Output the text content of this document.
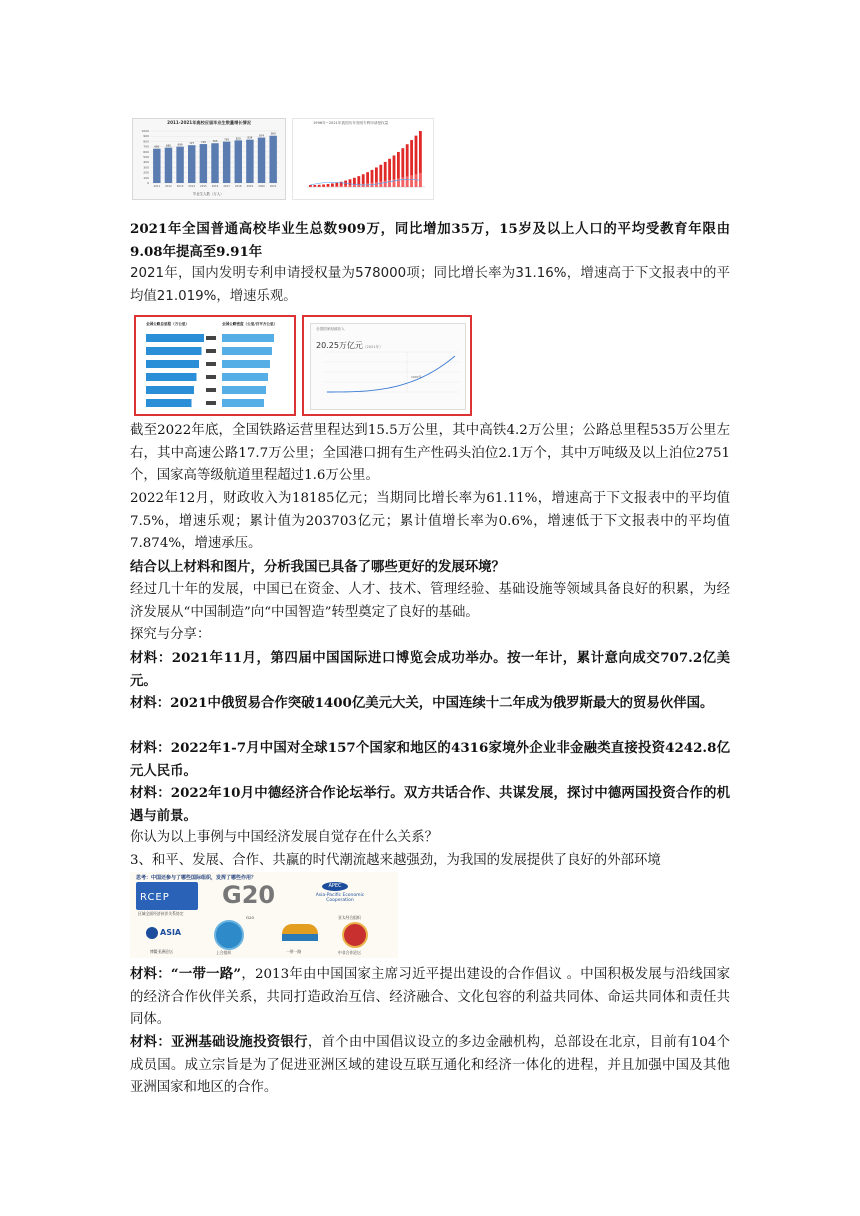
2011-2021年高校应届毕业生数量增长情况
0
100
200
300
400
500
600
700
800
900
1000
660
2011
680
2012
699
2013
727
2014
749
2015
765
2016
795
2017
820
2018
834
2019
874
2020
909
2021
毕业生人数（万人）
1996年~2021年我国历年发明专利申请授权量

2021年全国普通高校毕业生总数909万，同比增加35万，15岁及以上人口的平均受教育年限由9.08年提高至9.91年

2021年，国内发明专利申请授权量为578000项；同比增长率为31.16%，增速高于下文报表中的平均值21.019%，增速乐观。

全国公路总里程（万公里）	全国公路密度（公里/百平方公里）
全国国家财政收入
20.25万亿元（2021年）
1997年

截至2022年底，全国铁路运营里程达到15.5万公里，其中高铁4.2万公里；公路总里程535万公里左右，其中高速公路17.7万公里；全国港口拥有生产性码头泊位2.1万个，其中万吨级及以上泊位2751个，国家高等级航道里程超过1.6万公里。

2022年12月，财政收入为18185亿元；当期同比增长率为61.11%，增速高于下文报表中的平均值7.5%，增速乐观；累计值为203703亿元；累计值增长率为0.6%，增速低于下文报表中的平均值7.874%，增速承压。

结合以上材料和图片，分析我国已具备了哪些更好的发展环境？

经过几十年的发展，中国已在资金、人才、技术、管理经验、基础设施等领域具备良好的积累，为经济发展从“中国制造”向“中国智造”转型奠定了良好的基础。

探究与分享：

材料：2021年11月，第四届中国国际进口博览会成功举办。按一年计，累计意向成交707.2亿美元。

材料：2021中俄贸易合作突破1400亿美元大关，中国连续十二年成为俄罗斯最大的贸易伙伴国。

材料：2022年1-7月中国对全球157个国家和地区的4316家境外企业非金融类直接投资4242.8亿元人民币。

材料：2022年10月中德经济合作论坛举行。双方共话合作、共谋发展，探讨中德两国投资合作的机遇与前景。

你认为以上事例与中国经济发展自觉存在什么关系？

3、和平、发展、合作、共赢的时代潮流越来越强劲，为我国的发展提供了良好的外部环境

思考：中国还参与了哪些国际组织，发挥了哪些作用？
RCEP G20	APEC
Asia-Pacific Economic Cooperation
区域全面经济伙伴关系协定
G20	亚太经合组织
ASIA
博鳌亚洲论坛	上合组织	一带一路	中非合作论坛

材料：“一带一路”，2013年由中国国家主席习近平提出建设的合作倡议 。中国积极发展与沿线国家的经济合作伙伴关系，共同打造政治互信、经济融合、文化包容的利益共同体、命运共同体和责任共同体。

材料：亚洲基础设施投资银行，首个由中国倡议设立的多边金融机构，总部设在北京，目前有104个成员国。成立宗旨是为了促进亚洲区域的建设互联互通化和经济一体化的进程，并且加强中国及其他亚洲国家和地区的合作。
